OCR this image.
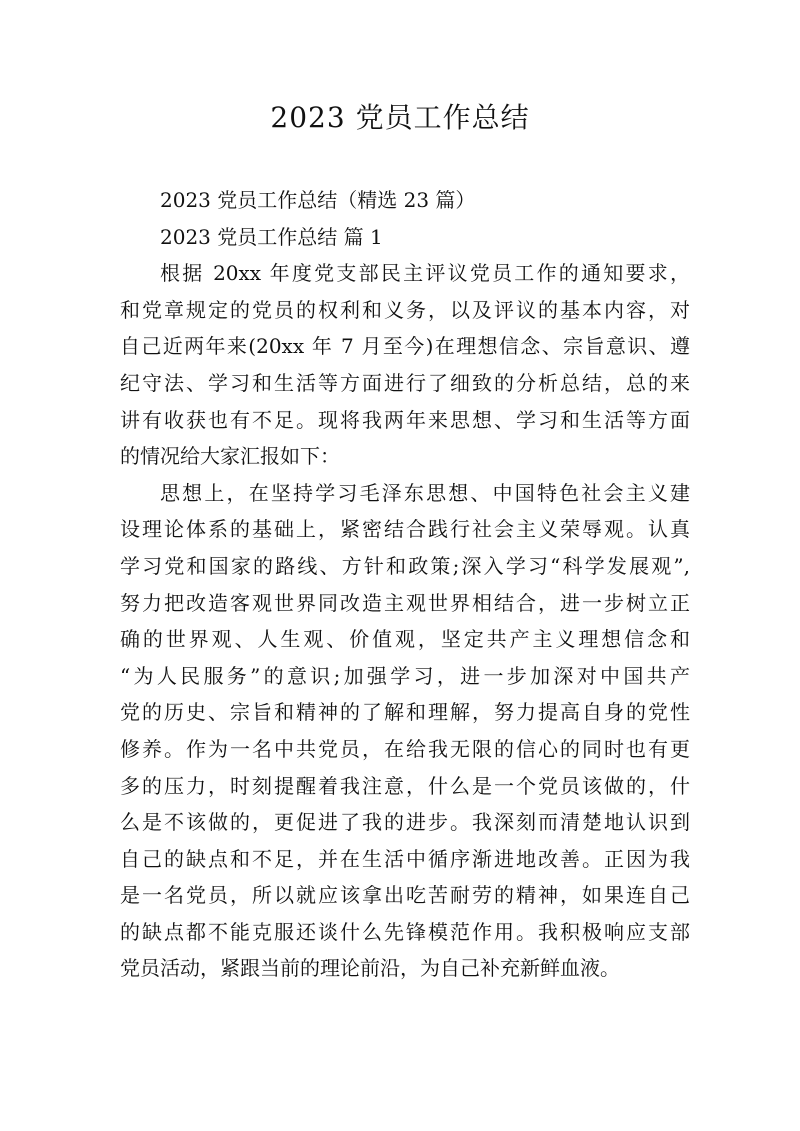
2023 党员工作总结
2023 党员工作总结（精选 23 篇）
2023 党员工作总结 篇 1
根据 20xx 年度党支部民主评议党员工作的通知要求，
和党章规定的党员的权利和义务，以及评议的基本内容，对
自己近两年来(20xx 年 7 月至今)在理想信念、宗旨意识、遵
纪守法、学习和生活等方面进行了细致的分析总结，总的来
讲有收获也有不足。现将我两年来思想、学习和生活等方面
的情况给大家汇报如下：
思想上，在坚持学习毛泽东思想、中国特色社会主义建
设理论体系的基础上，紧密结合践行社会主义荣辱观。认真
学习党和国家的路线、方针和政策;深入学习“科学发展观”,
努力把改造客观世界同改造主观世界相结合，进一步树立正
确的世界观、人生观、价值观，坚定共产主义理想信念和
“为人民服务”的意识;加强学习，进一步加深对中国共产
党的历史、宗旨和精神的了解和理解，努力提高自身的党性
修养。作为一名中共党员，在给我无限的信心的同时也有更
多的压力，时刻提醒着我注意，什么是一个党员该做的，什
么是不该做的，更促进了我的进步。我深刻而清楚地认识到
自己的缺点和不足，并在生活中循序渐进地改善。正因为我
是一名党员，所以就应该拿出吃苦耐劳的精神，如果连自己
的缺点都不能克服还谈什么先锋模范作用。我积极响应支部
党员活动，紧跟当前的理论前沿，为自己补充新鲜血液。
